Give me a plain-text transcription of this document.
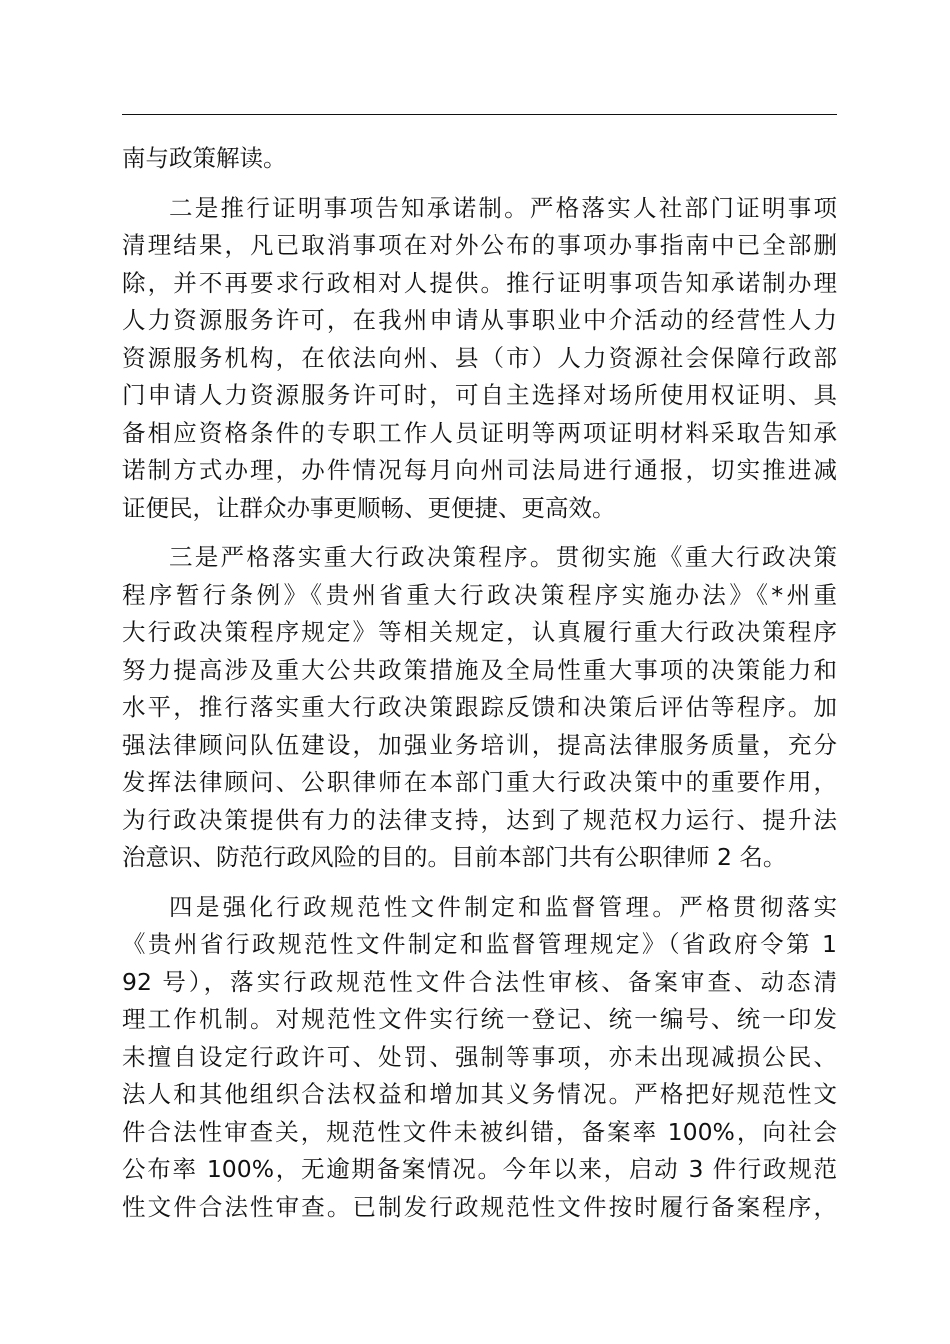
南与政策解读。
二是推行证明事项告知承诺制。严格落实人社部门证明事项
清理结果，凡已取消事项在对外公布的事项办事指南中已全部删
除，并不再要求行政相对人提供。推行证明事项告知承诺制办理
人力资源服务许可，在我州申请从事职业中介活动的经营性人力
资源服务机构，在依法向州、县（市）人力资源社会保障行政部
门申请人力资源服务许可时，可自主选择对场所使用权证明、具
备相应资格条件的专职工作人员证明等两项证明材料采取告知承
诺制方式办理，办件情况每月向州司法局进行通报，切实推进减
证便民，让群众办事更顺畅、更便捷、更高效。
三是严格落实重大行政决策程序。贯彻实施《重大行政决策
程序暂行条例》《贵州省重大行政决策程序实施办法》《*州重
大行政决策程序规定》等相关规定，认真履行重大行政决策程序
努力提高涉及重大公共政策措施及全局性重大事项的决策能力和
水平，推行落实重大行政决策跟踪反馈和决策后评估等程序。加
强法律顾问队伍建设，加强业务培训，提高法律服务质量，充分
发挥法律顾问、公职律师在本部门重大行政决策中的重要作用，
为行政决策提供有力的法律支持，达到了规范权力运行、提升法
治意识、防范行政风险的目的。目前本部门共有公职律师 2 名。
四是强化行政规范性文件制定和监督管理。严格贯彻落实
《贵州省行政规范性文件制定和监督管理规定》（省政府令第 1
92 号），落实行政规范性文件合法性审核、备案审查、动态清
理工作机制。对规范性文件实行统一登记、统一编号、统一印发
未擅自设定行政许可、处罚、强制等事项，亦未出现减损公民、
法人和其他组织合法权益和增加其义务情况。严格把好规范性文
件合法性审查关，规范性文件未被纠错，备案率 100%，向社会
公布率 100%，无逾期备案情况。今年以来，启动 3 件行政规范
性文件合法性审查。已制发行政规范性文件按时履行备案程序，
